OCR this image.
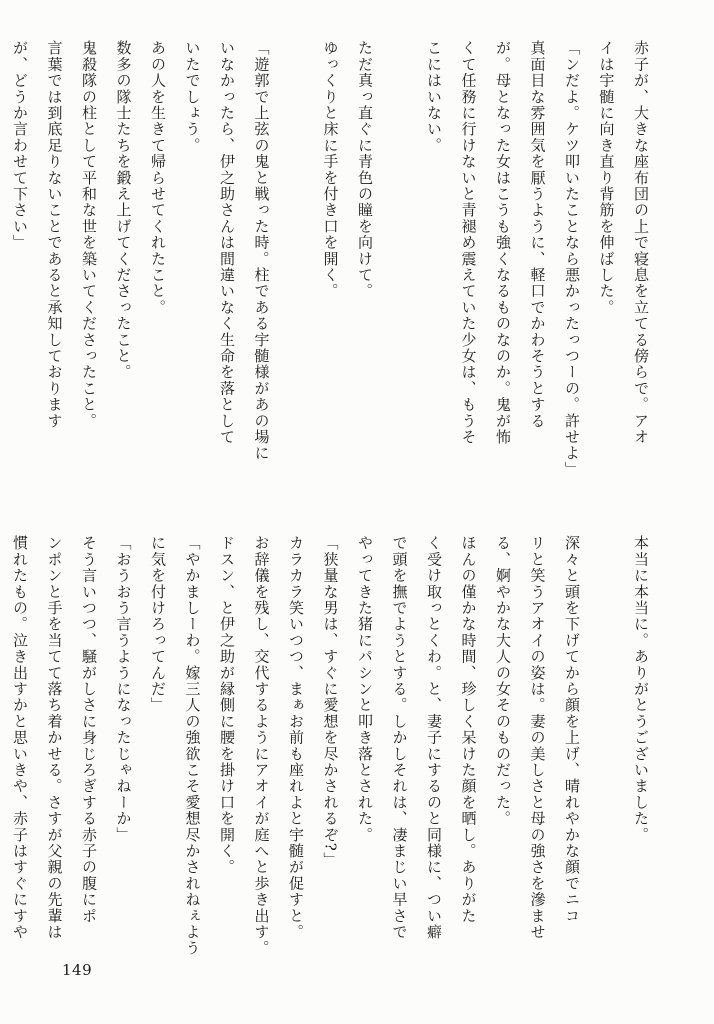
赤子が、大きな座布団の上で寝息を立てる傍らで。アオ

イは宇髄に向き直り背筋を伸ばした。

「ンだよ。ケツ叩いたことなら悪かったっつーの。許せよ」

真面目な雰囲気を厭うように、軽口でかわそうとする

が。母となった女はこうも強くなるものなのか。鬼が怖

くて任務に行けないと青褪め震えていた少女は、もうそ

こにはいない。

ただ真っ直ぐに青色の瞳を向けて。

ゆっくりと床に手を付き口を開く。

「遊郭で上弦の鬼と戦った時。柱である宇髄様があの場に

いなかったら、伊之助さんは間違いなく生命を落として

いたでしょう。

あの人を生きて帰らせてくれたこと。

数多の隊士たちを鍛え上げてくださったこと。

鬼殺隊の柱として平和な世を築いてくださったこと。

言葉では到底足りないことであると承知しております

が、どうか言わせて下さい」

本当に本当に。ありがとうございました。

深々と頭を下げてから顔を上げ、晴れやかな顔でニコ

リと笑うアオイの姿は。妻の美しさと母の強さを滲ませ

る、婀やかな大人の女そのものだった。

ほんの僅かな時間、珍しく呆けた顔を晒し。ありがた

く受け取っとくわ。と、妻子にするのと同様に、つい癖

で頭を撫でようとする。しかしそれは、凄まじい早さで

やってきた猪にパシンと叩き落とされた。

「狭量な男は、すぐに愛想を尽かされるぞ?」

カラカラ笑いつつ、まぁお前も座れよと宇髄が促すと。

お辞儀を残し、交代するようにアオイが庭へと歩き出す。

ドスン、と伊之助が縁側に腰を掛け口を開く。

「やかましーわ。嫁三人の強欲こそ愛想尽かされねぇよう

に気を付けろってんだ」

「おうおう言うようになったじゃねーか」

そう言いつつ、騒がしさに身じろぎする赤子の腹にポ

ンポンと手を当てて落ち着かせる。さすが父親の先輩は

慣れたもの。泣き出すかと思いきや、赤子はすぐにすや

149
